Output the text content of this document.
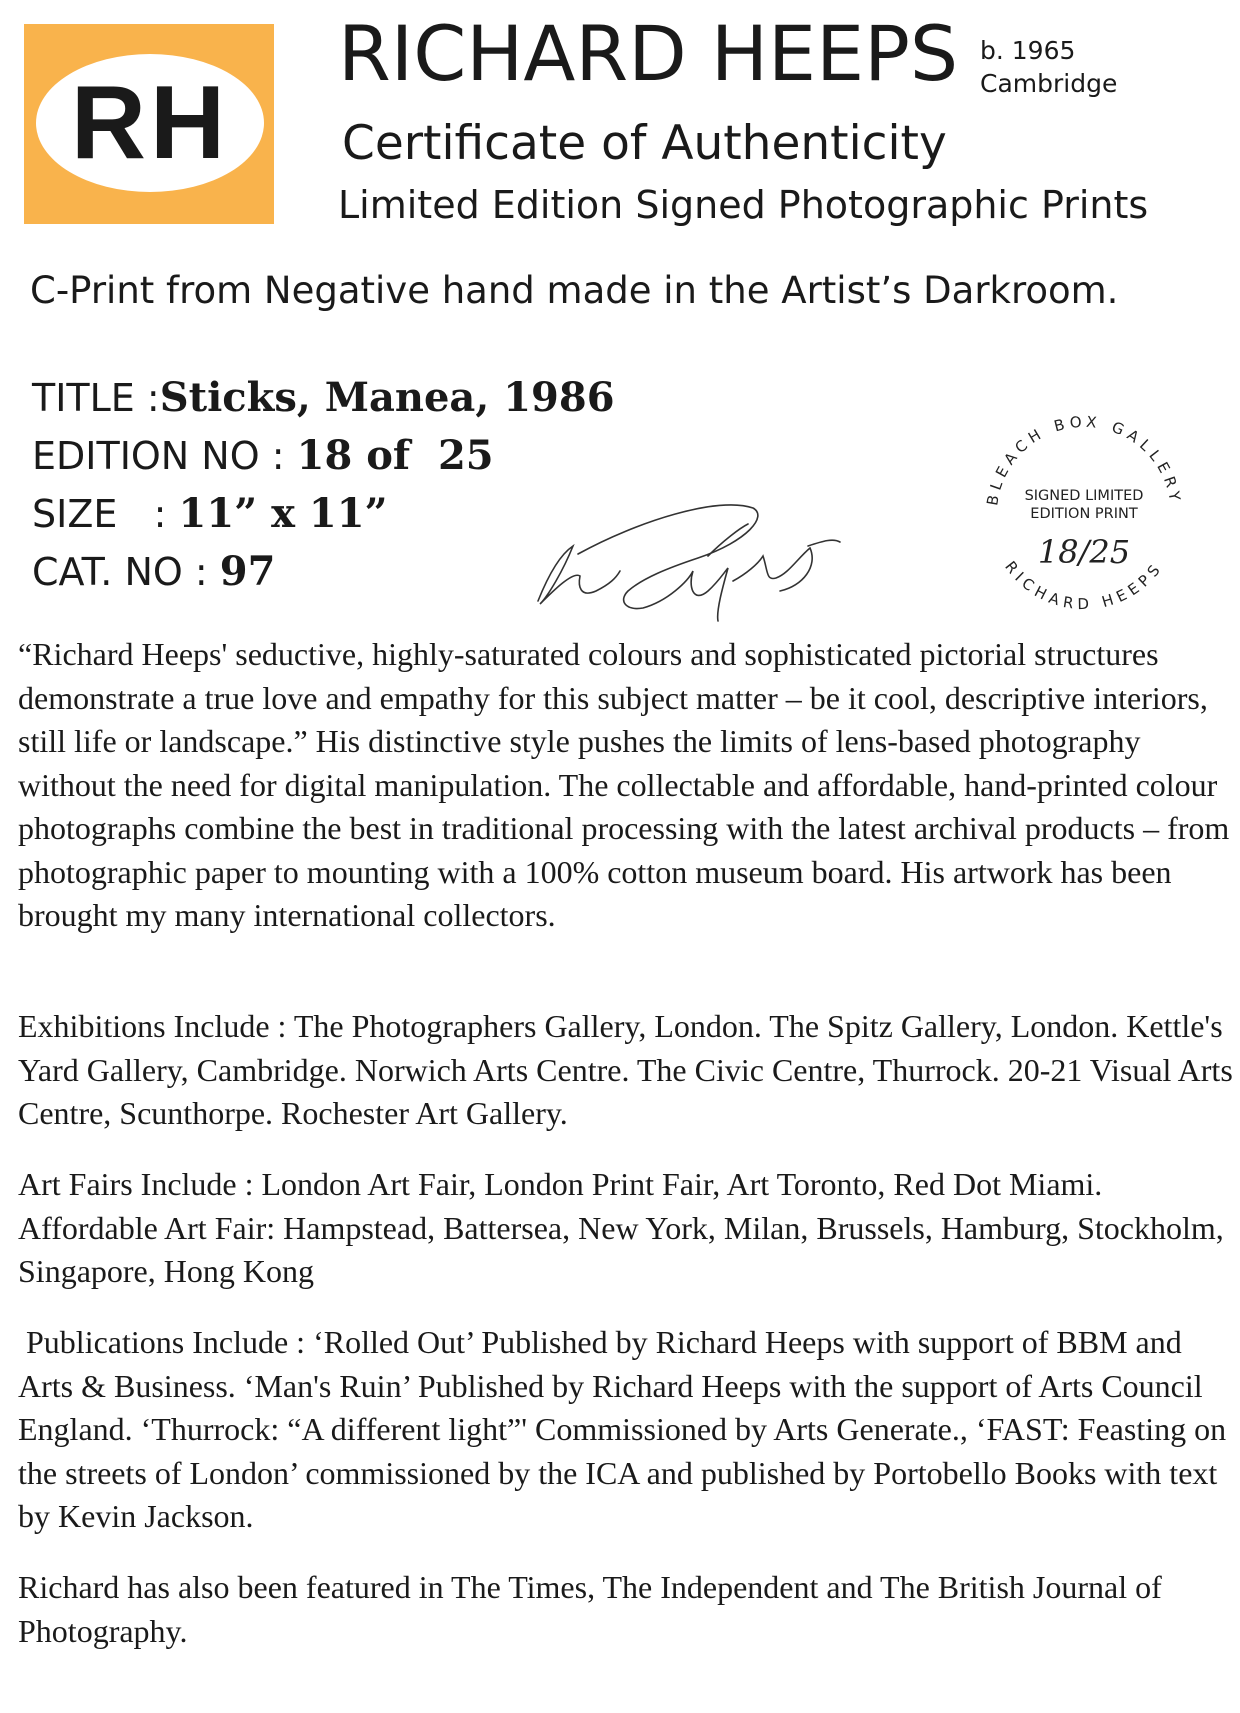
RH
RICHARD HEEPS b. 1965
Cambridge
Certificate of Authenticity
Limited Edition Signed Photographic Prints
C-Print from Negative hand made in the Artist’s Darkroom.
TITLE : Sticks, Manea, 1986
EDITION NO : 18 of  25
SIZE   : 11” x 11”
CAT. NO : 97
BLEACH BOX GALLERY
RICHARD HEEPS
SIGNED LIMITED
EDITION PRINT
18/25

“Richard Heeps' seductive, highly-saturated colours and sophisticated pictorial structures demonstrate a true love and empathy for this subject matter – be it cool, descriptive interiors, still life or landscape.” His distinctive style pushes the limits of lens-based photography without the need for digital manipulation. The collectable and affordable, hand-printed colour photographs combine the best in traditional processing with the latest archival products – from photographic paper to mounting with a 100% cotton museum board. His artwork has been brought my many international collectors.

Exhibitions Include : The Photographers Gallery, London. The Spitz Gallery, London. Kettle's Yard Gallery, Cambridge. Norwich Arts Centre. The Civic Centre, Thurrock. 20-21 Visual Arts Centre, Scunthorpe. Rochester Art Gallery.

Art Fairs Include : London Art Fair, London Print Fair, Art Toronto, Red Dot Miami. Affordable Art Fair: Hampstead, Battersea, New York, Milan, Brussels, Hamburg, Stockholm, Singapore, Hong Kong

Publications Include : ‘Rolled Out’ Published by Richard Heeps with support of BBM and Arts & Business. ‘Man's Ruin’ Published by Richard Heeps with the support of Arts Council England. ‘Thurrock: “A different light”' Commissioned by Arts Generate., ‘FAST: Feasting on the streets of London’ commissioned by the ICA and published by Portobello Books with text by Kevin Jackson.

Richard has also been featured in The Times, The Independent and The British Journal of Photography.
